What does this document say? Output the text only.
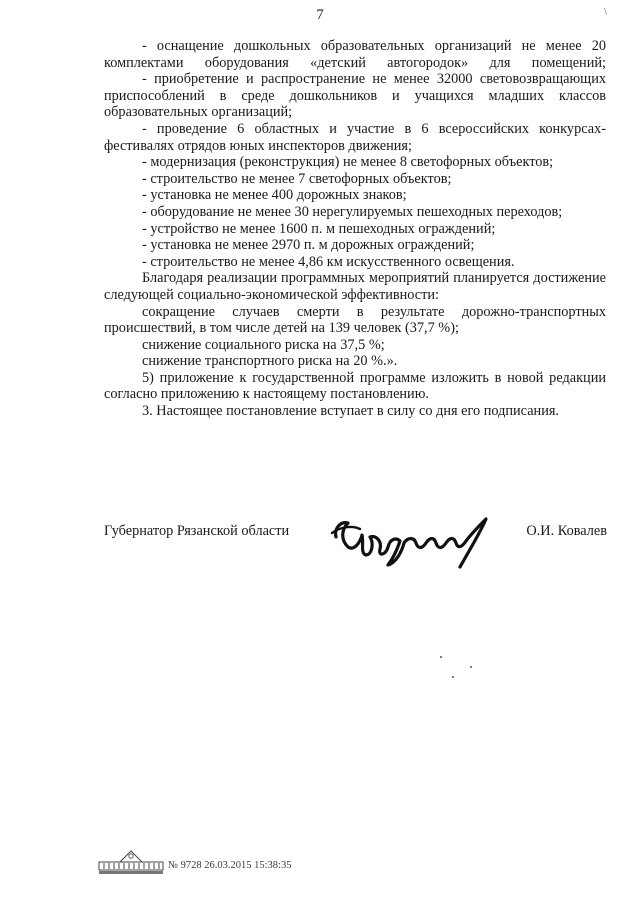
7	\

- оснащение дошкольных образовательных организаций не менее 20 комплектами оборудования «детский автогородок» для помещений;

- приобретение и распространение не менее 32000 световозвращающих приспособлений в среде дошкольников и учащихся младших классов образовательных организаций;

- проведение 6 областных и участие в 6 всероссийских конкурсах-фестивалях отрядов юных инспекторов движения;

- модернизация (реконструкция) не менее 8 светофорных объектов;

- строительство не менее 7 светофорных объектов;

- установка не менее 400 дорожных знаков;

- оборудование не менее 30 нерегулируемых пешеходных переходов;

- устройство не менее 1600 п. м пешеходных ограждений;

- установка не менее 2970 п. м дорожных ограждений;

- строительство не менее 4,86 км искусственного освещения.

Благодаря реализации программных мероприятий планируется достижение следующей социально-экономической эффективности:

сокращение случаев смерти в результате дорожно-транспортных происшествий, в том числе детей на 139 человек (37,7 %);

снижение социального риска на 37,5 %;

снижение транспортного риска на 20 %.».

5) приложение к государственной программе изложить в новой редакции согласно приложению к настоящему постановлению.

3. Настоящее постановление вступает в силу со дня его подписания.

Губернатор Рязанской области	О.И. Ковалев
№ 9728 26.03.2015 15:38:35
